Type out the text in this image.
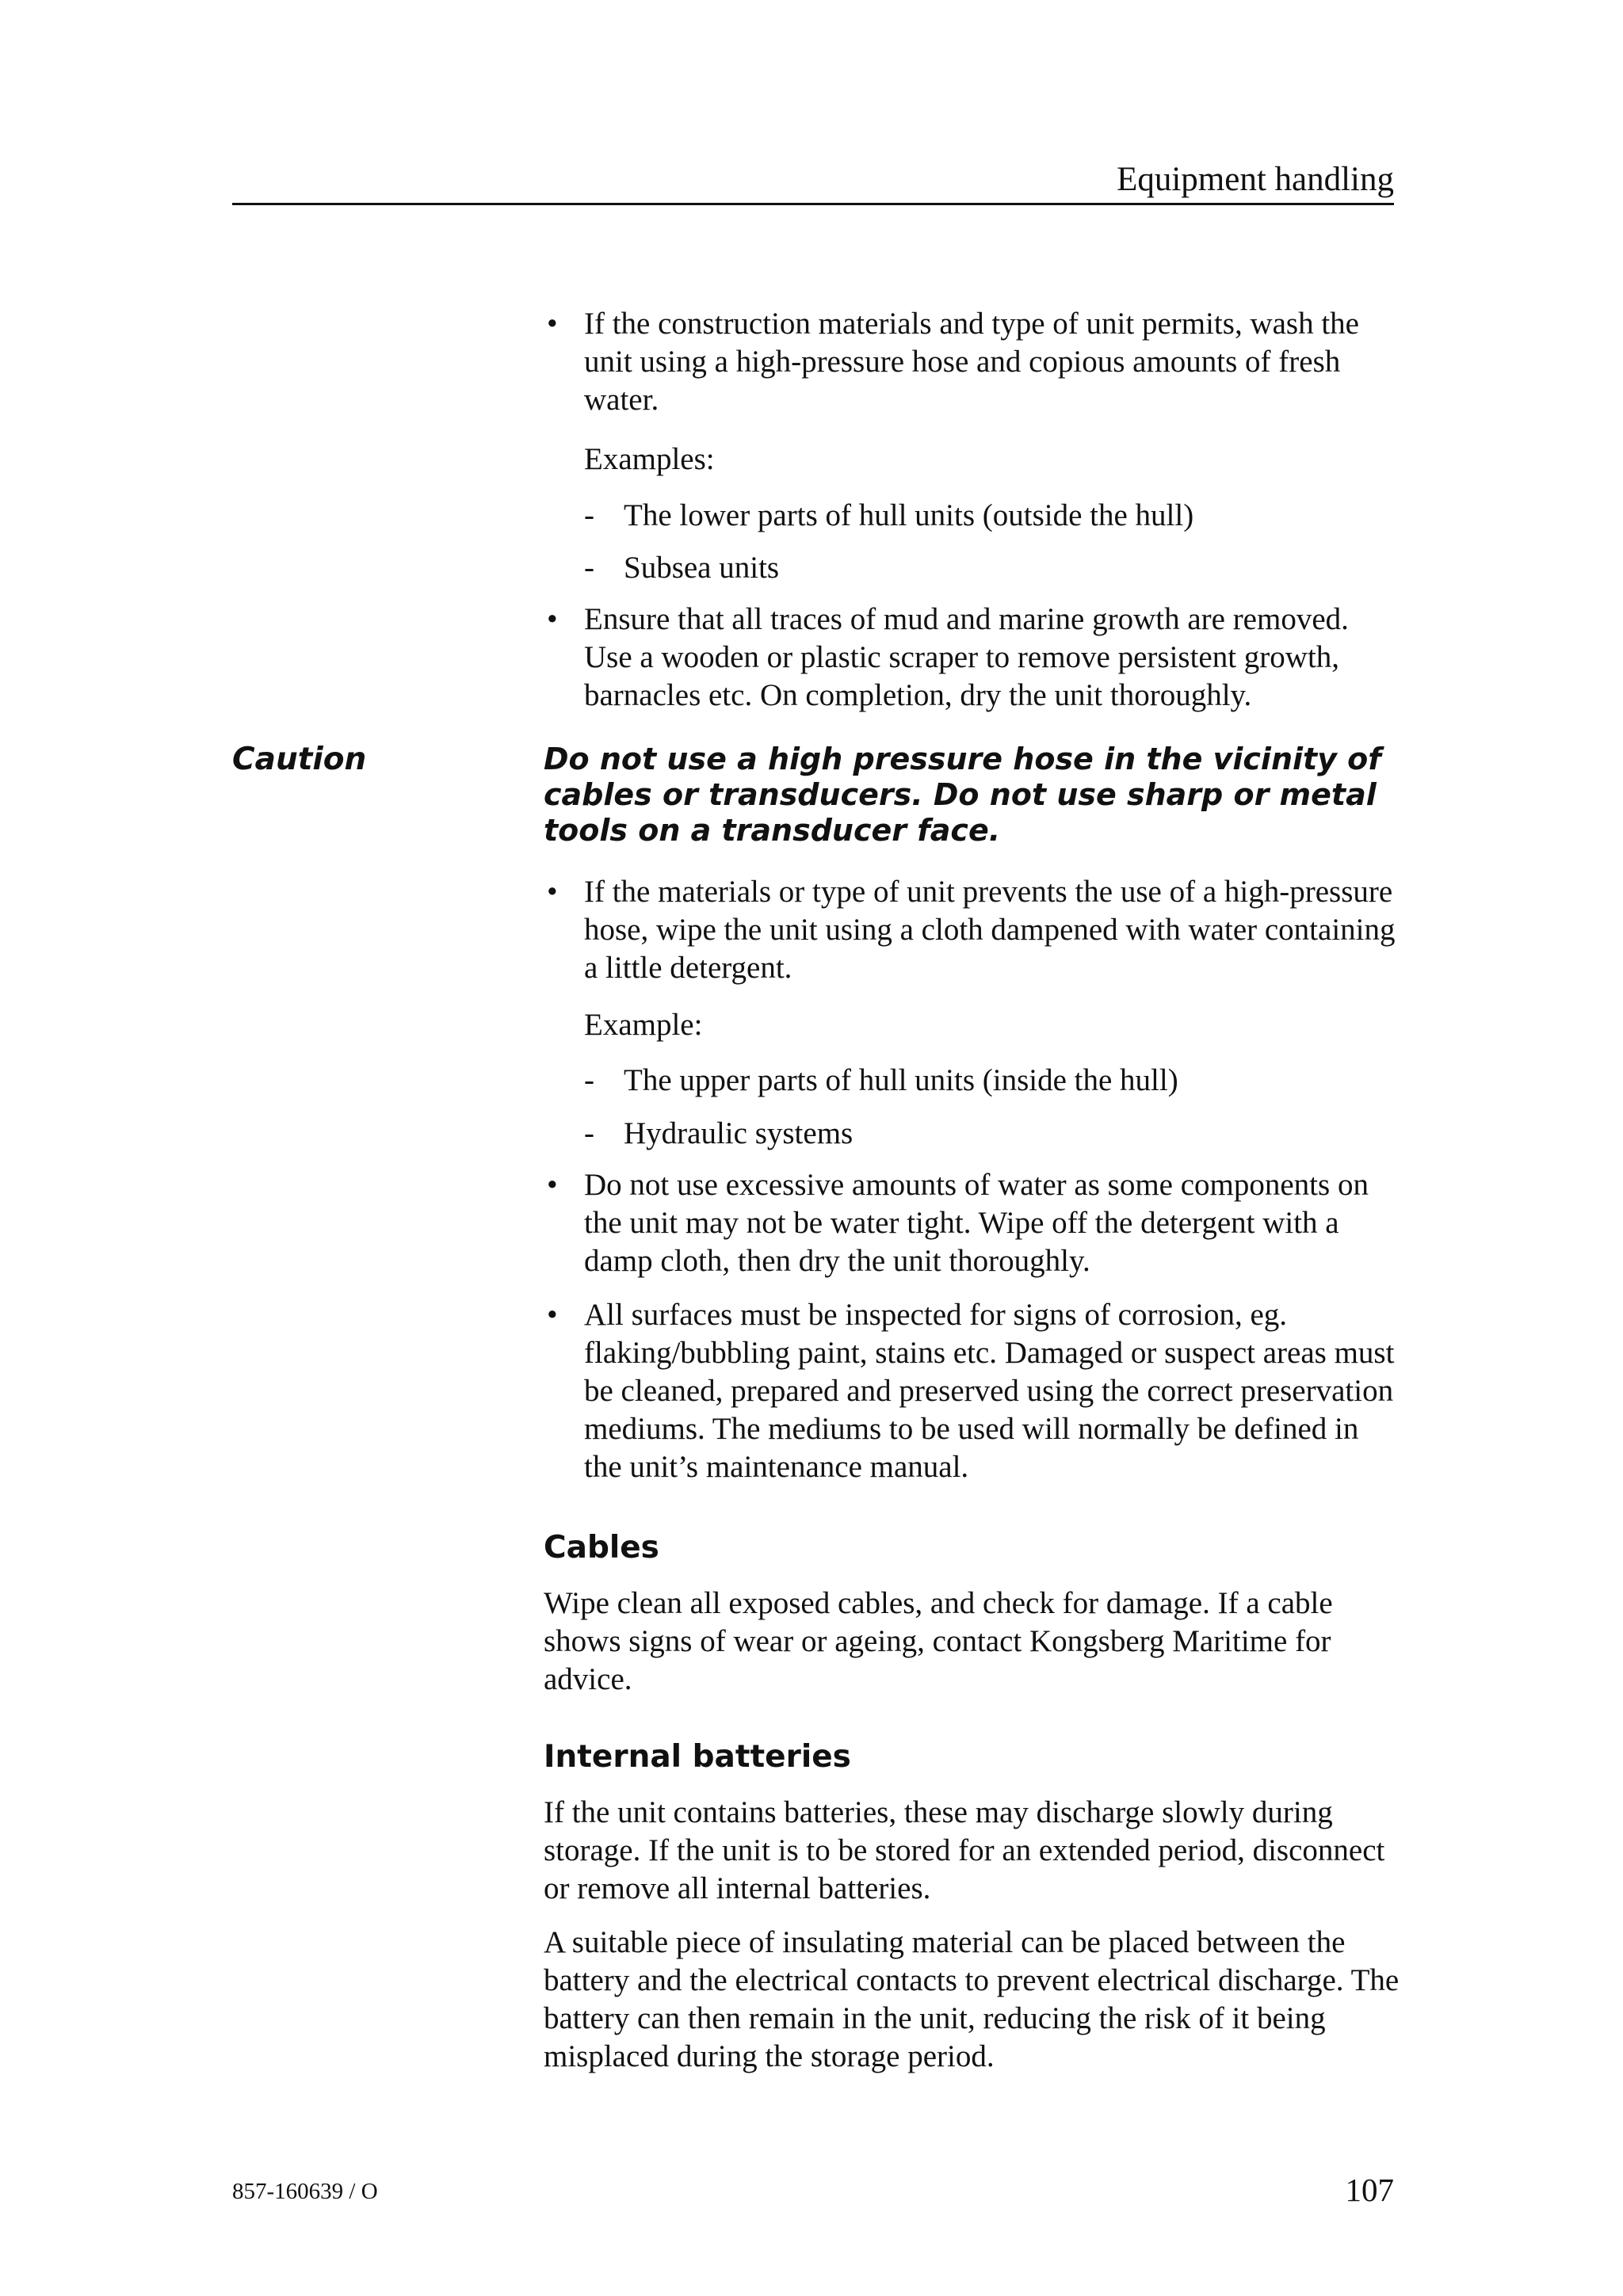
Equipment handling
• If the construction materials and type of unit permits, wash the unit using a high-pressure hose and copious amounts of fresh water.
Examples:
- The lower parts of hull units (outside the hull)
- Subsea units
• Ensure that all traces of mud and marine growth are removed. Use a wooden or plastic scraper to remove persistent growth, barnacles etc. On completion, dry the unit thoroughly.
Caution	Do not use a high pressure hose in the vicinity of cables or transducers. Do not use sharp or metal tools on a transducer face.
• If the materials or type of unit prevents the use of a high-pressure hose, wipe the unit using a cloth dampened with water containing a little detergent.
Example:
- The upper parts of hull units (inside the hull)
- Hydraulic systems
• Do not use excessive amounts of water as some components on the unit may not be water tight. Wipe off the detergent with a damp cloth, then dry the unit thoroughly.
• All surfaces must be inspected for signs of corrosion, eg. flaking/bubbling paint, stains etc. Damaged or suspect areas must be cleaned, prepared and preserved using the correct preservation mediums. The mediums to be used will normally be defined in the unit’s maintenance manual.
Cables
Wipe clean all exposed cables, and check for damage. If a cable shows signs of wear or ageing, contact Kongsberg Maritime for advice.
Internal batteries
If the unit contains batteries, these may discharge slowly during storage. If the unit is to be stored for an extended period, disconnect or remove all internal batteries.
A suitable piece of insulating material can be placed between the battery and the electrical contacts to prevent electrical discharge. The battery can then remain in the unit, reducing the risk of it being misplaced during the storage period.
857-160639 / O	107
